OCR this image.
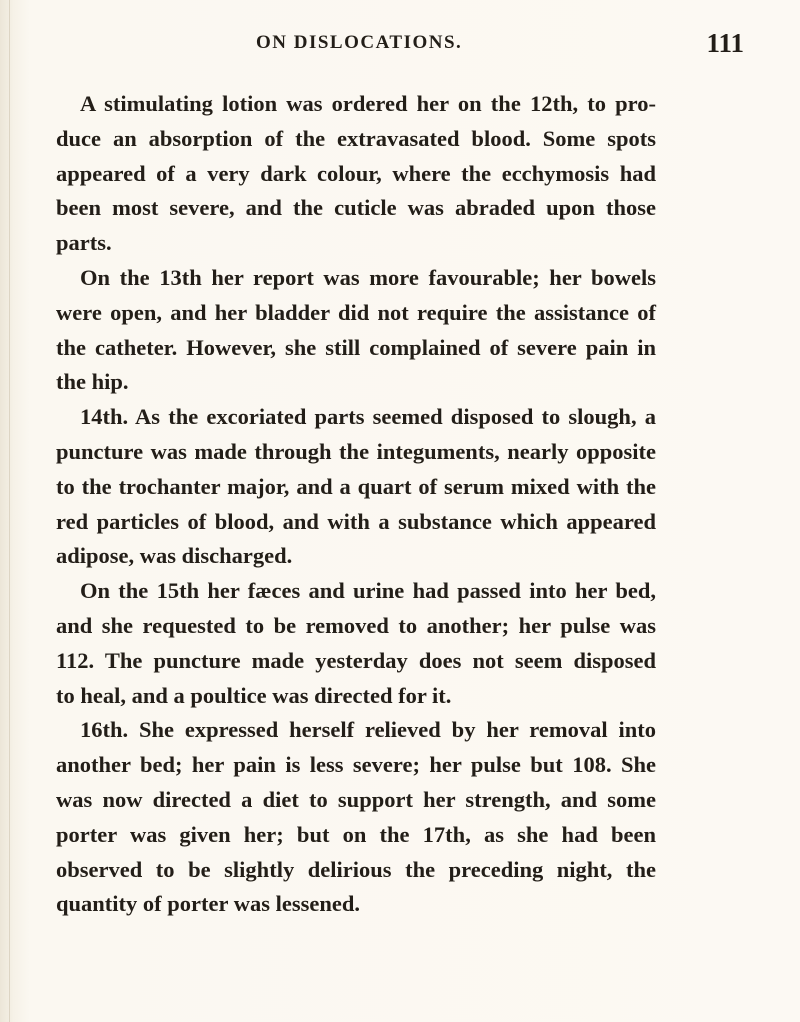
ON DISLOCATIONS.	111
A stimulating lotion was ordered her on the 12th, to pro-
duce an absorption of the extravasated blood. Some spots
appeared of a very dark colour, where the ecchymosis had
been most severe, and the cuticle was abraded upon those
parts.
On the 13th her report was more favourable; her bowels
were open, and her bladder did not require the assistance of
the catheter. However, she still complained of severe pain in
the hip.
14th. As the excoriated parts seemed disposed to slough, a
puncture was made through the integuments, nearly opposite
to the trochanter major, and a quart of serum mixed with the
red particles of blood, and with a substance which appeared
adipose, was discharged.
On the 15th her fæces and urine had passed into her bed,
and she requested to be removed to another; her pulse was
112. The puncture made yesterday does not seem disposed
to heal, and a poultice was directed for it.
16th. She expressed herself relieved by her removal into
another bed; her pain is less severe; her pulse but 108. She
was now directed a diet to support her strength, and some
porter was given her; but on the 17th, as she had been
observed to be slightly delirious the preceding night, the
quantity of porter was lessened.
